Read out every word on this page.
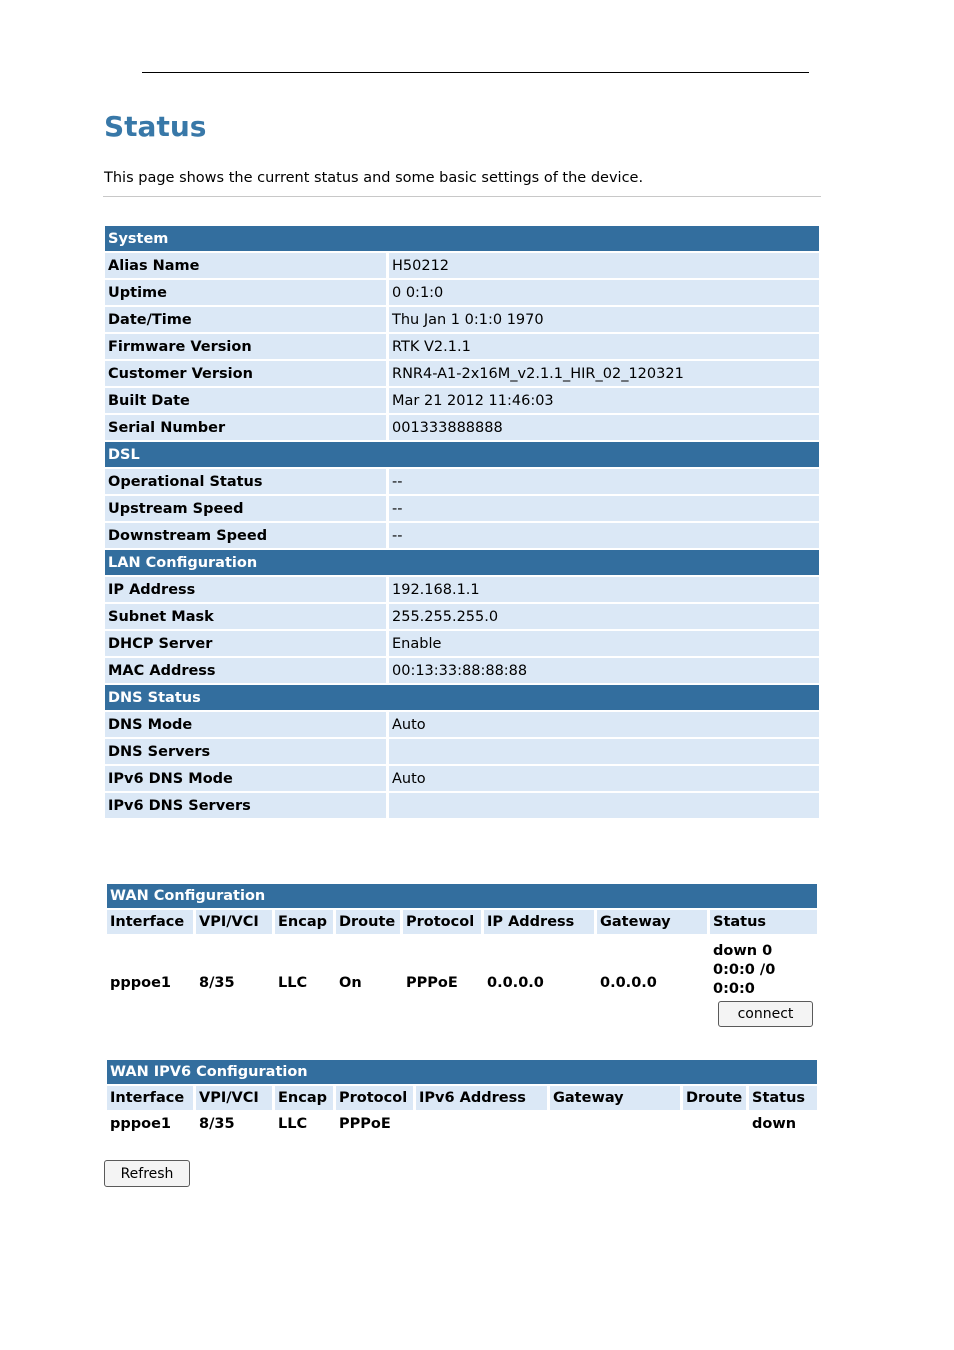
Status
This page shows the current status and some basic settings of the device.
System	
Alias Name	H50212
Uptime	0 0:1:0
Date/Time	Thu Jan 1 0:1:0 1970
Firmware Version	RTK V2.1.1
Customer Version	RNR4-A1-2x16M_v2.1.1_HIR_02_120321
Built Date	Mar 21 2012 11:46:03
Serial Number	001333888888
DSL	
Operational Status	--
Upstream Speed	--
Downstream Speed	--
LAN Configuration	
IP Address	192.168.1.1
Subnet Mask	255.255.255.0
DHCP Server	Enable
MAC Address	00:13:33:88:88:88
DNS Status	
DNS Mode	Auto
DNS Servers	
IPv6 DNS Mode	Auto
IPv6 DNS Servers	
WAN Configuration							
Interface	VPI/VCI	Encap	Droute	Protocol	IP Address	Gateway	Status
pppoe1	8/35	LLC	On	PPPoE	0.0.0.0	0.0.0.0	down 0
0:0:0 /0
0:0:0
connect
WAN IPV6 Configuration							
Interface	VPI/VCI	Encap	Protocol	IPv6 Address	Gateway	Droute	Status
pppoe1	8/35	LLC	PPPoE				down
Refresh
